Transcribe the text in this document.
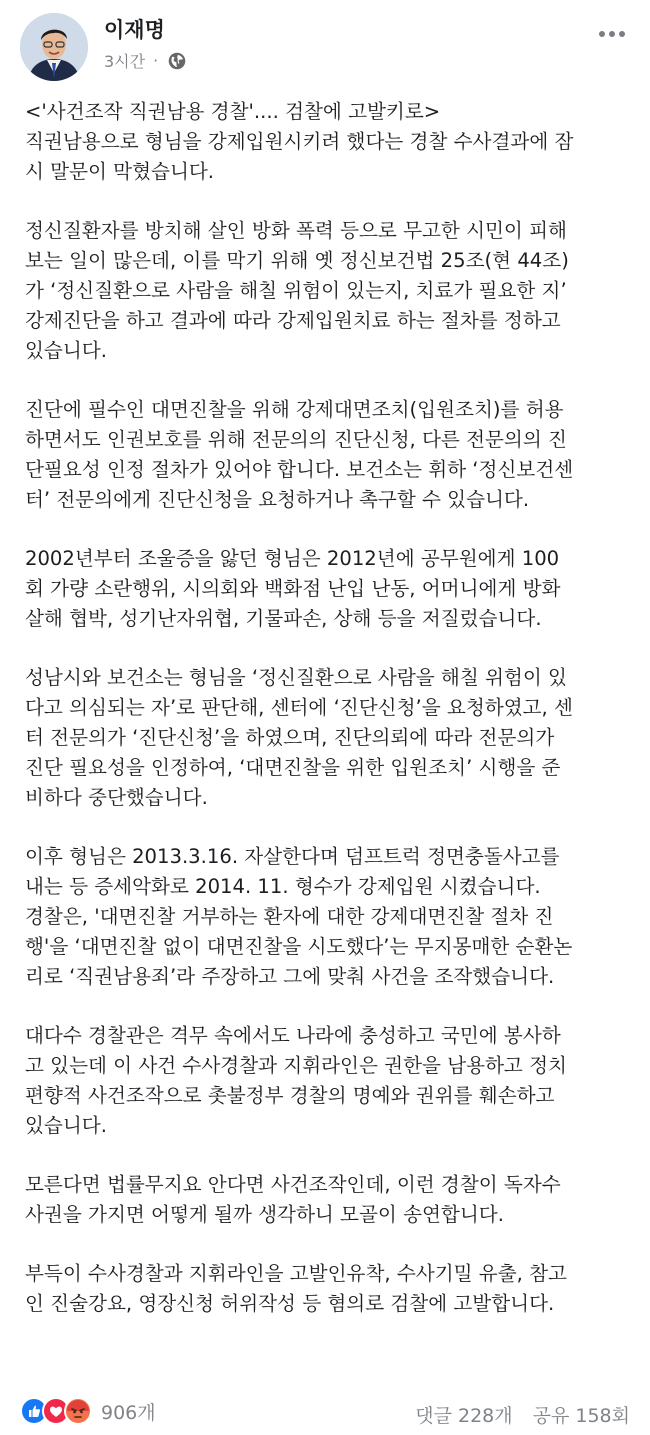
이재명
3시간 ·

<'사건조작 직권남용 경찰'.... 검찰에 고발키로>
직권남용으로 형님을 강제입원시키려 했다는 경찰 수사결과에 잠
시 말문이 막혔습니다.

정신질환자를 방치해 살인 방화 폭력 등으로 무고한 시민이 피해
보는 일이 많은데, 이를 막기 위해 옛 정신보건법 25조(현 44조)
가 ‘정신질환으로 사람을 해칠 위험이 있는지, 치료가 필요한 지’
강제진단을 하고 결과에 따라 강제입원치료 하는 절차를 정하고
있습니다.

진단에 필수인 대면진찰을 위해 강제대면조치(입원조치)를 허용
하면서도 인권보호를 위해 전문의의 진단신청, 다른 전문의의 진
단필요성 인정 절차가 있어야 합니다. 보건소는 휘하 ‘정신보건센
터’ 전문의에게 진단신청을 요청하거나 촉구할 수 있습니다.

2002년부터 조울증을 앓던 형님은 2012년에 공무원에게 100
회 가량 소란행위, 시의회와 백화점 난입 난동, 어머니에게 방화
살해 협박, 성기난자위협, 기물파손, 상해 등을 저질렀습니다.

성남시와 보건소는 형님을 ‘정신질환으로 사람을 해칠 위험이 있
다고 의심되는 자’로 판단해, 센터에 ‘진단신청’을 요청하였고, 센
터 전문의가 ‘진단신청’을 하였으며, 진단의뢰에 따라 전문의가
진단 필요성을 인정하여, ‘대면진찰을 위한 입원조치’ 시행을 준
비하다 중단했습니다.

이후 형님은 2013.3.16. 자살한다며 덤프트럭 정면충돌사고를
내는 등 증세악화로 2014. 11. 형수가 강제입원 시켰습니다.
경찰은, '대면진찰 거부하는 환자에 대한 강제대면진찰 절차 진
행'을 ‘대면진찰 없이 대면진찰을 시도했다’는 무지몽매한 순환논
리로 ‘직권남용죄’라 주장하고 그에 맞춰 사건을 조작했습니다.

대다수 경찰관은 격무 속에서도 나라에 충성하고 국민에 봉사하
고 있는데 이 사건 수사경찰과 지휘라인은 권한을 남용하고 정치
편향적 사건조작으로 촛불정부 경찰의 명예와 권위를 훼손하고
있습니다.

모른다면 법률무지요 안다면 사건조작인데, 이런 경찰이 독자수
사권을 가지면 어떻게 될까 생각하니 모골이 송연합니다.

부득이 수사경찰과 지휘라인을 고발인유착, 수사기밀 유출, 참고
인 진술강요, 영장신청 허위작성 등 혐의로 검찰에 고발합니다.

906개	댓글 228개 공유 158회
